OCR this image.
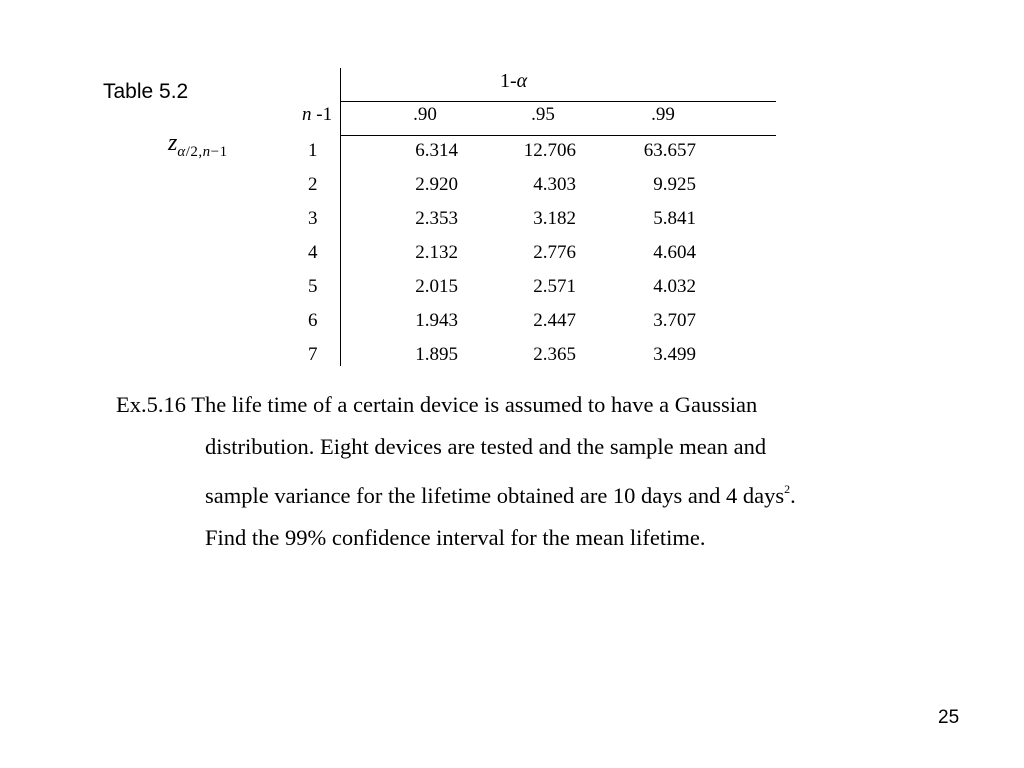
Table 5.2
$z_{\alpha/2,n-1}$
1-α
n -1	.90	.95	.99
1	6.314	12.706	63.657
2	2.920	4.303	9.925
3	2.353	3.182	5.841
4	2.132	2.776	4.604
5	2.015	2.571	4.032
6	1.943	2.447	3.707
7	1.895	2.365	3.499
Ex.5.16 The life time of a certain device is assumed to have a Gaussian
distribution. Eight devices are tested and the sample mean and
sample variance for the lifetime obtained are 10 days and 4 days$^2$.
Find the 99% confidence interval for the mean lifetime.
25
